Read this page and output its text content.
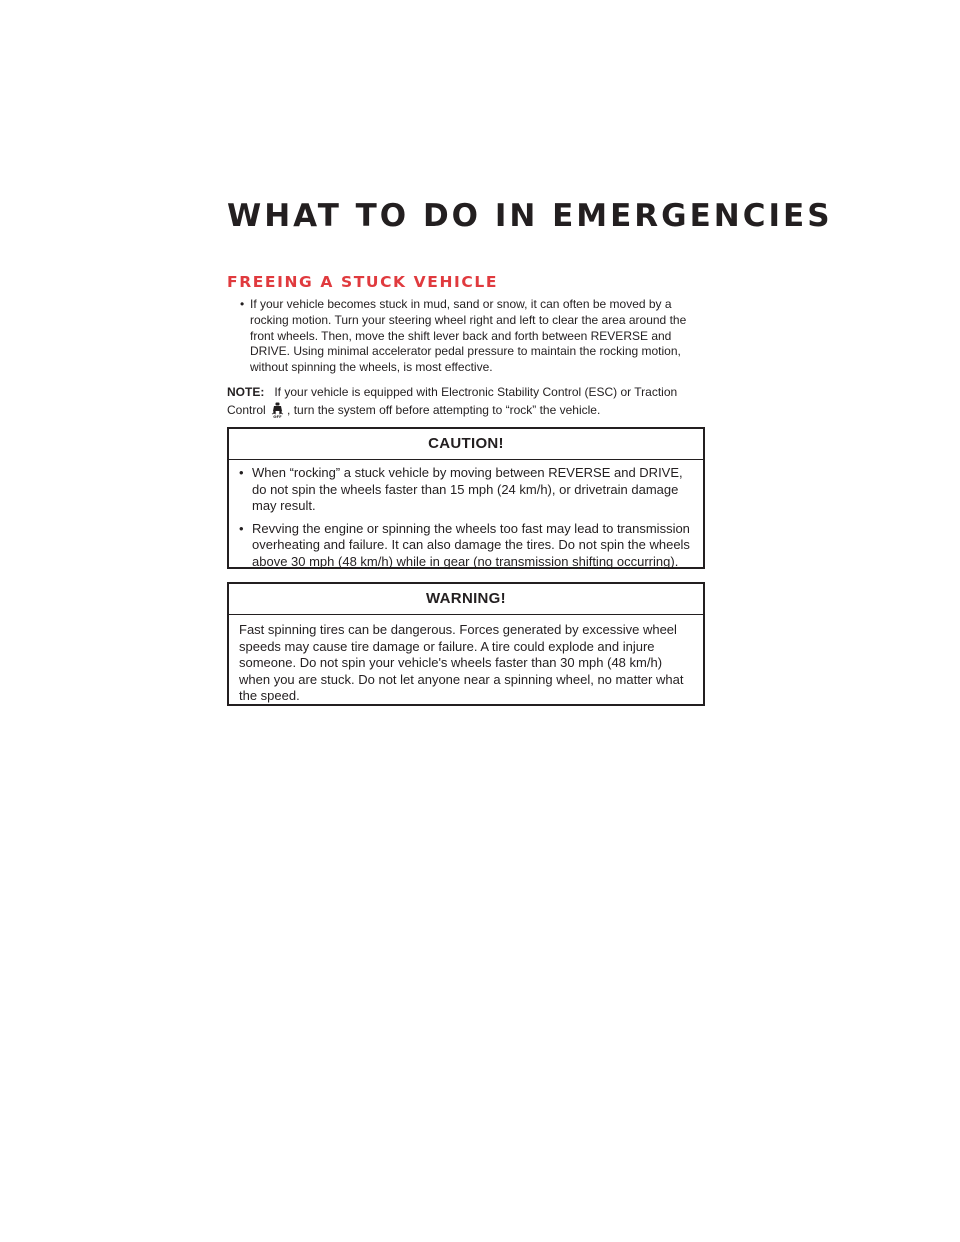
WHAT TO DO IN EMERGENCIES
FREEING A STUCK VEHICLE
• If your vehicle becomes stuck in mud, sand or snow, it can often be moved by a rocking motion. Turn your steering wheel right and left to clear the area around the front wheels. Then, move the shift lever back and forth between REVERSE and DRIVE. Using minimal accelerator pedal pressure to maintain the rocking motion, without spinning the wheels, is most effective.

NOTE: If your vehicle is equipped with Electronic Stability Control (ESC) or Traction Control OFF , turn the system off before attempting to “rock” the vehicle.

CAUTION!
• When “rocking” a stuck vehicle by moving between REVERSE and DRIVE, do not spin the wheels faster than 15 mph (24 km/h), or drivetrain damage may result.
• Revving the engine or spinning the wheels too fast may lead to transmission overheating and failure. It can also damage the tires. Do not spin the wheels above 30 mph (48 km/h) while in gear (no transmission shifting occurring).
WARNING!
Fast spinning tires can be dangerous. Forces generated by excessive wheel speeds may cause tire damage or failure. A tire could explode and injure someone. Do not spin your vehicle's wheels faster than 30 mph (48 km/h) when you are stuck. Do not let anyone near a spinning wheel, no matter what the speed.
